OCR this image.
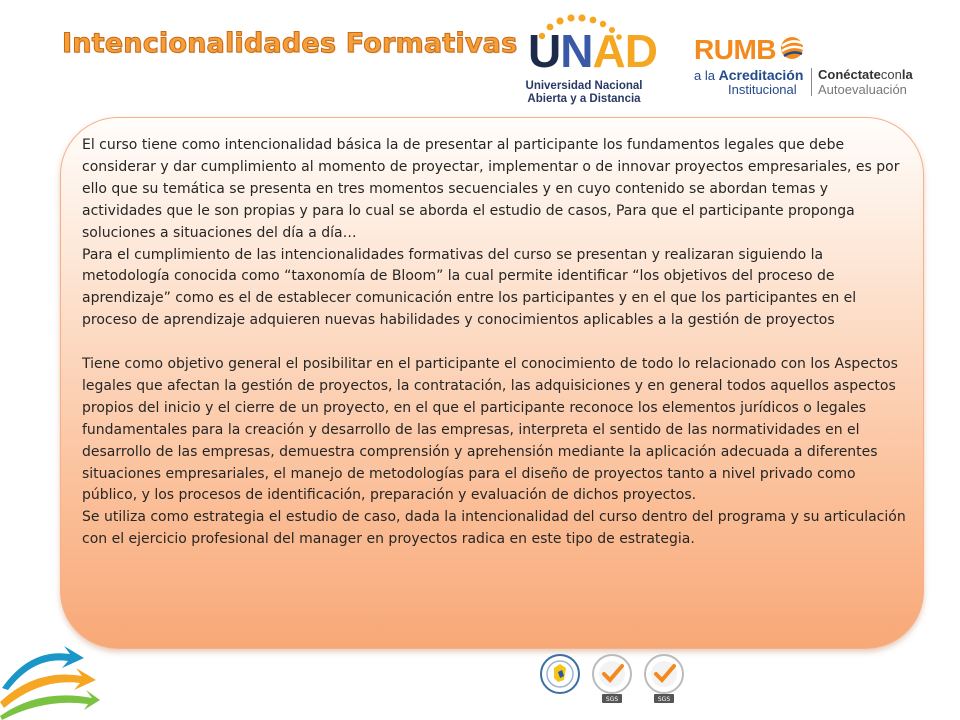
Intencionalidades Formativas UNAD
Universidad Nacional
Abierta y a Distancia
RUMB
a la Acreditación
Institucional
Conéctateconla
Autoevaluación

El curso tiene como intencionalidad básica la de presentar al participante los fundamentos legales que debe considerar y dar cumplimiento al momento de proyectar, implementar o de innovar proyectos empresariales, es por ello que su temática se presenta en tres momentos secuenciales y en cuyo contenido se abordan temas y actividades que le son propias y para lo cual se aborda el estudio de casos, Para que el participante proponga soluciones a situaciones del día a día…

Para el cumplimiento de las intencionalidades formativas del curso se presentan y realizaran siguiendo la metodología conocida como “taxonomía de Bloom” la cual permite identificar “los objetivos del proceso de aprendizaje” como es el de establecer comunicación entre los participantes y en el que los participantes en el proceso de aprendizaje adquieren nuevas habilidades y conocimientos aplicables a la gestión de proyectos

Tiene como objetivo general el posibilitar en el participante el conocimiento de todo lo relacionado con los Aspectos legales que afectan la gestión de proyectos, la contratación, las adquisiciones y en general todos aquellos aspectos propios del inicio y el cierre de un proyecto, en el que el participante reconoce los elementos jurídicos o legales fundamentales para la creación y desarrollo de las empresas, interpreta el sentido de las normatividades en el desarrollo de las empresas, demuestra comprensión y aprehensión mediante la aplicación adecuada a diferentes situaciones empresariales, el manejo de metodologías para el diseño de proyectos tanto a nivel privado como público, y los procesos de identificación, preparación y evaluación de dichos proyectos.

Se utiliza como estrategia el estudio de caso, dada la intencionalidad del curso dentro del programa y su articulación con el ejercicio profesional del manager en proyectos radica en este tipo de estrategia.

SGS	SGS
